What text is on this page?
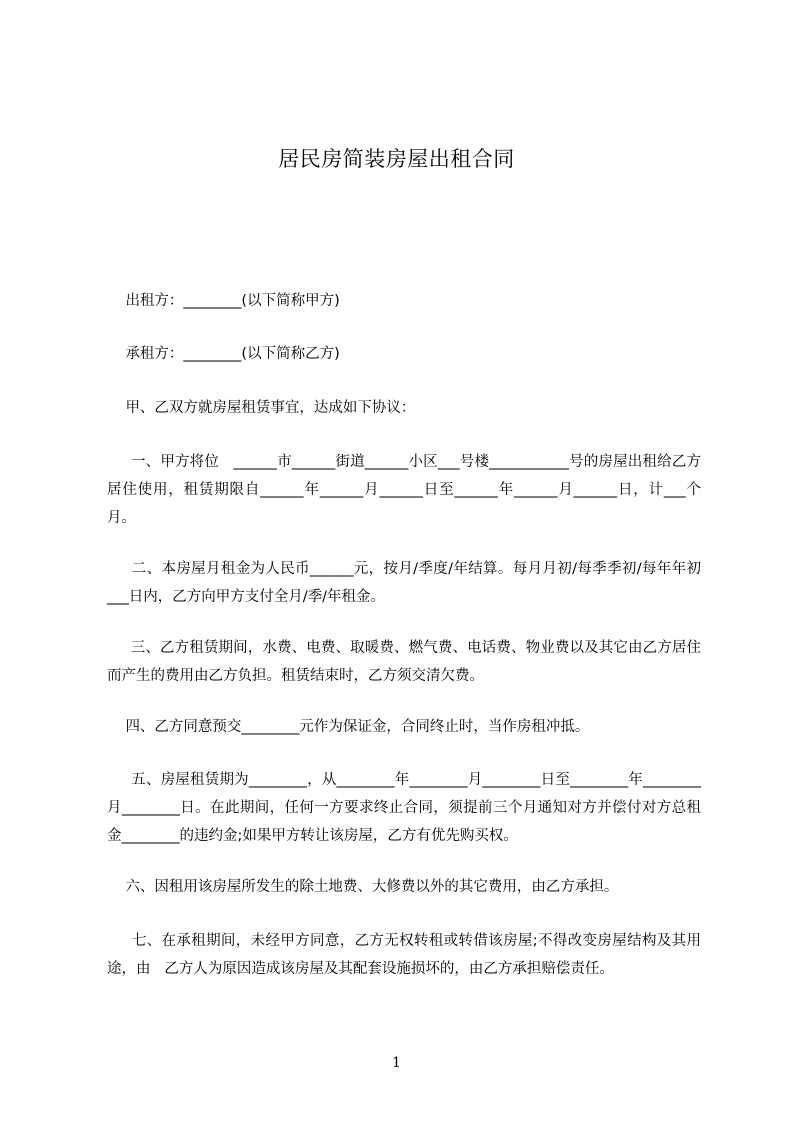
居民房简装房屋出租合同
出租方：________(以下简称甲方)
承租方：________(以下简称乙方)
甲、乙双方就房屋租赁事宜，达成如下协议：
一、甲方将位   ______市______街道______小区___号楼___________号的房屋出租给乙方居住使用，租赁期限自______年______月______日至______年______月______日，计___个月。
二、本房屋月租金为人民币______元，按月/季度/年结算。每月月初/每季季初/每年年初___日内，乙方向甲方支付全月/季/年租金。
三、乙方租赁期间，水费、电费、取暖费、燃气费、电话费、物业费以及其它由乙方居住而产生的费用由乙方负担。租赁结束时，乙方须交清欠费。
四、乙方同意预交________元作为保证金，合同终止时，当作房租冲抵。
五、房屋租赁期为________，从________年________月________日至________年________月________日。在此期间，任何一方要求终止合同，须提前三个月通知对方并偿付对方总租金________的违约金;如果甲方转让该房屋，乙方有优先购买权。
六、因租用该房屋所发生的除土地费、大修费以外的其它费用，由乙方承担。
七、在承租期间，未经甲方同意，乙方无权转租或转借该房屋;不得改变房屋结构及其用途，由   乙方人为原因造成该房屋及其配套设施损坏的，由乙方承担赔偿责任。
1
